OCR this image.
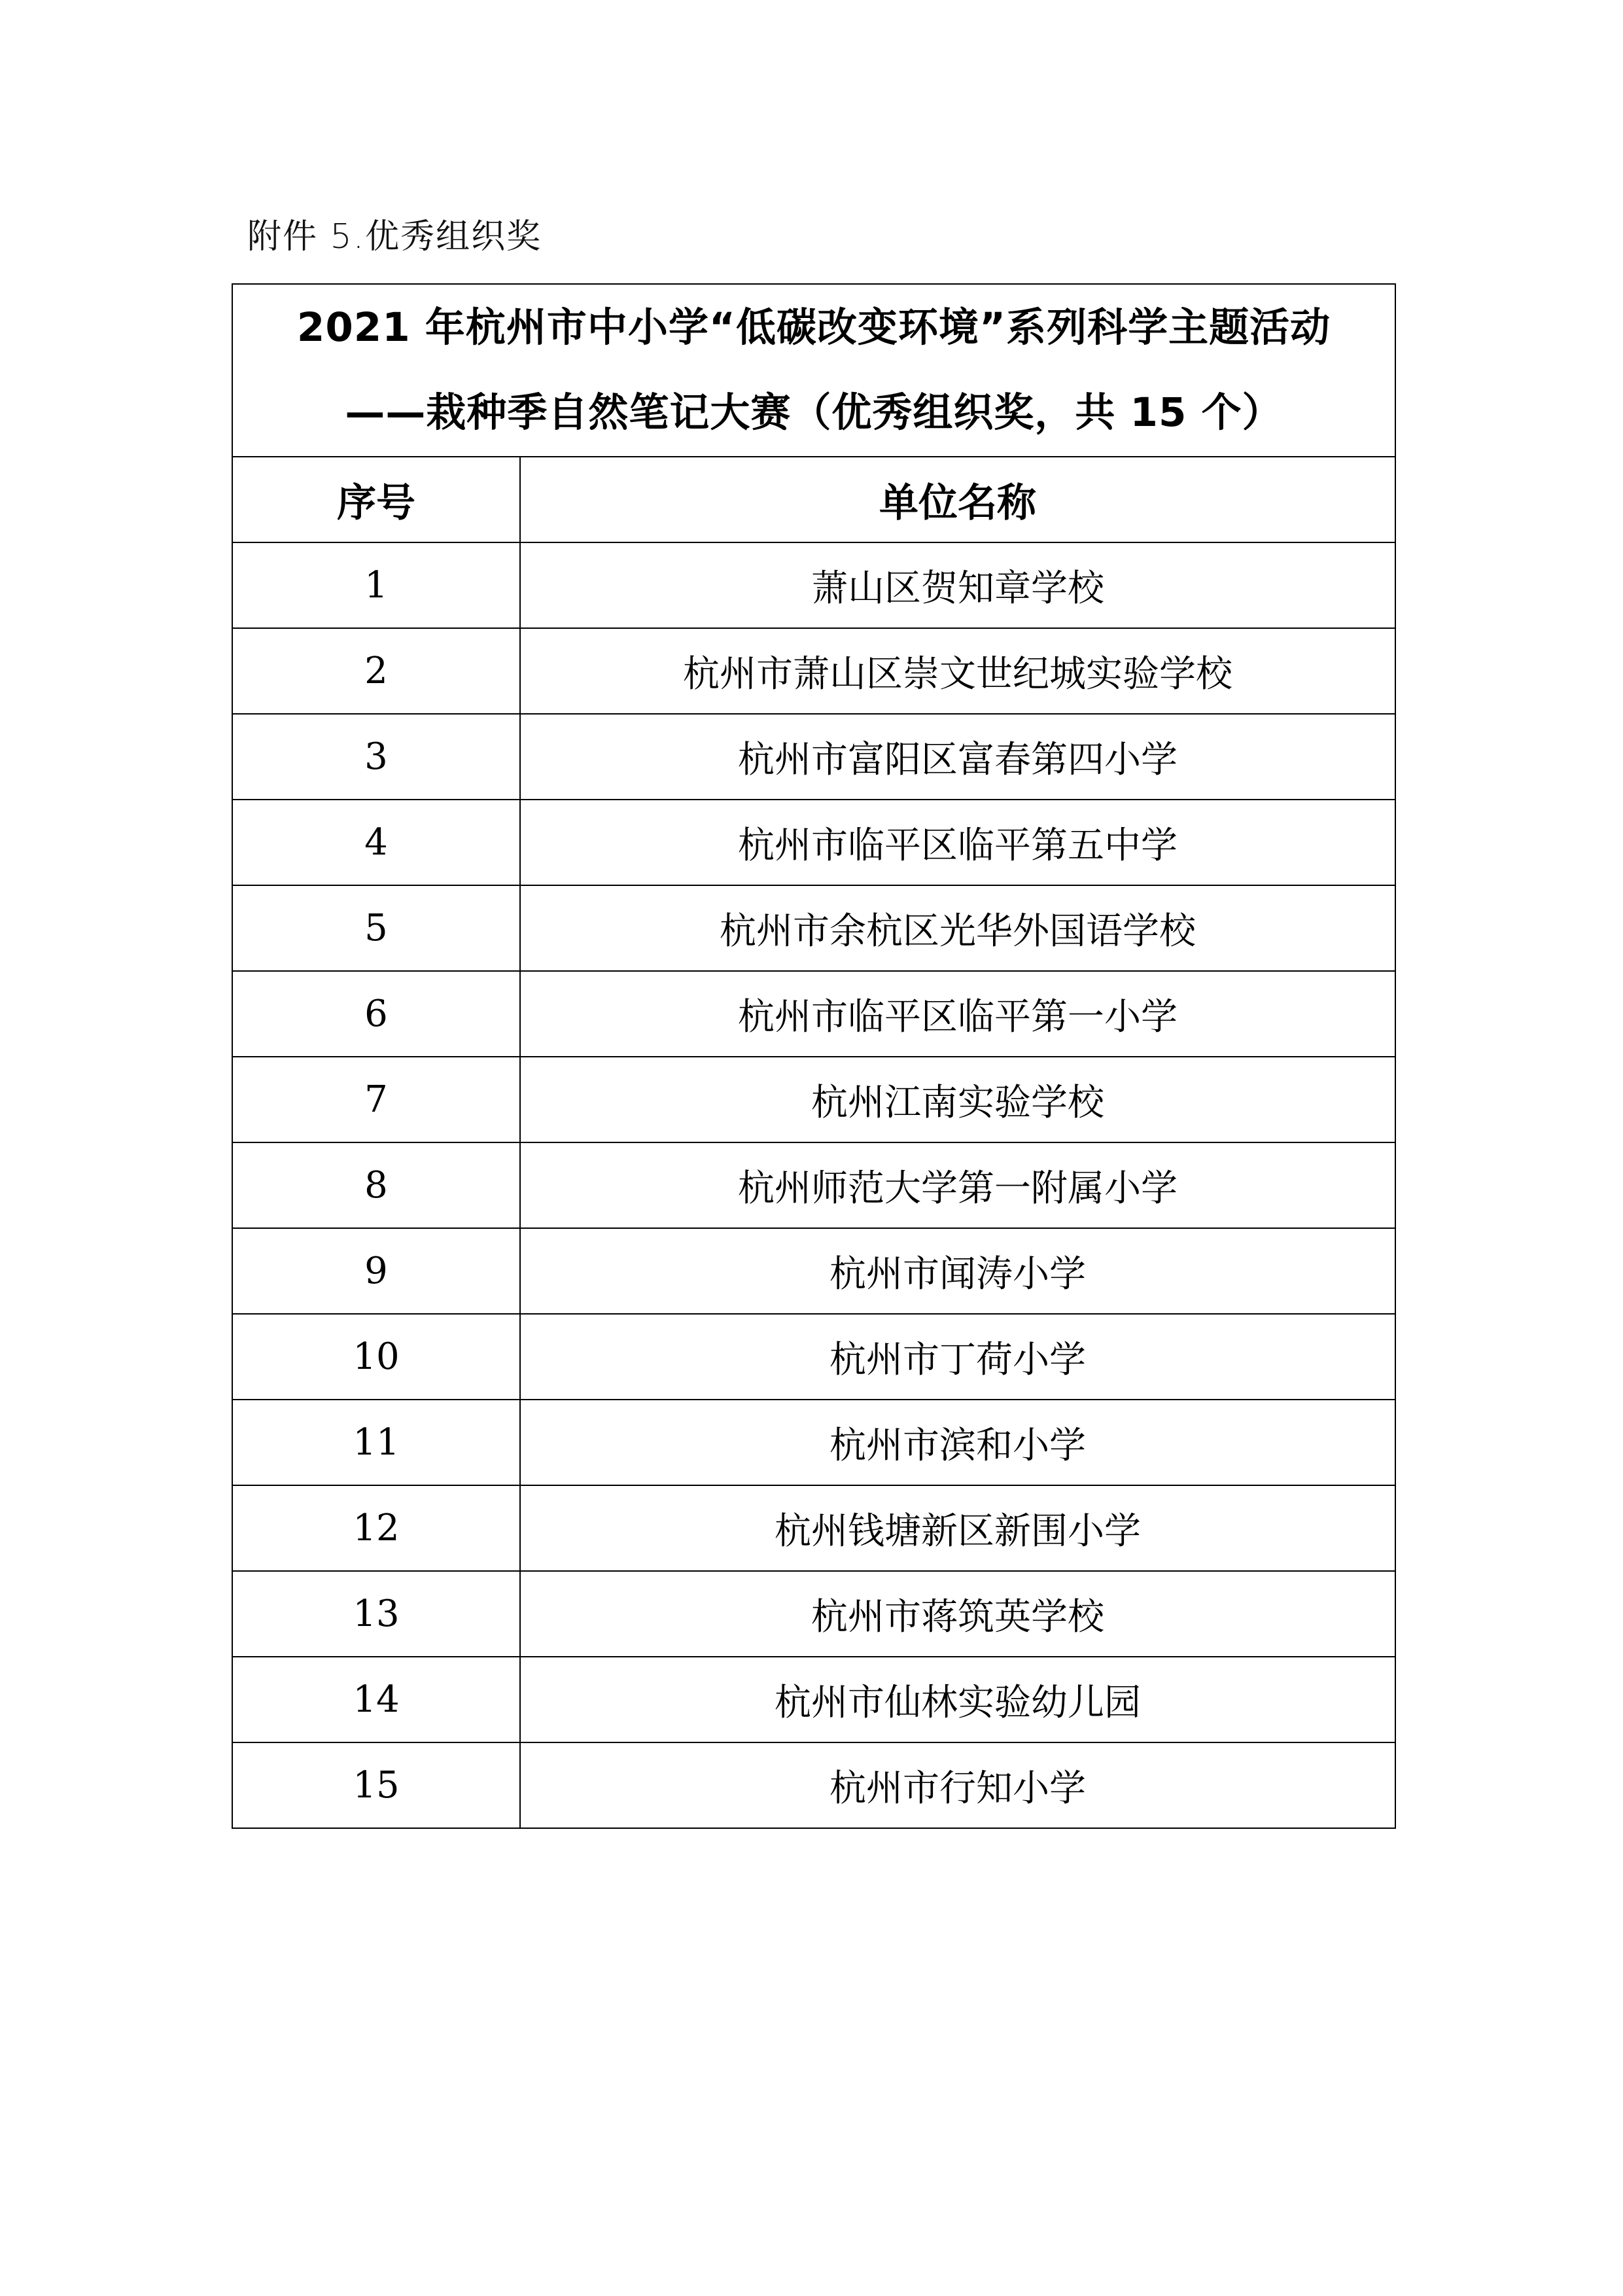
附件 5.优秀组织奖
2021 年杭州市中小学“低碳改变环境”系列科学主题活动
——栽种季自然笔记大赛（优秀组织奖，共 15 个）	

序号	单位名称
1	萧山区贺知章学校
2	杭州市萧山区崇文世纪城实验学校
3	杭州市富阳区富春第四小学
4	杭州市临平区临平第五中学
5	杭州市余杭区光华外国语学校
6	杭州市临平区临平第一小学
7	杭州江南实验学校
8	杭州师范大学第一附属小学
9	杭州市闻涛小学
10	杭州市丁荷小学
11	杭州市滨和小学
12	杭州钱塘新区新围小学
13	杭州市蒋筑英学校
14	杭州市仙林实验幼儿园
15	杭州市行知小学
